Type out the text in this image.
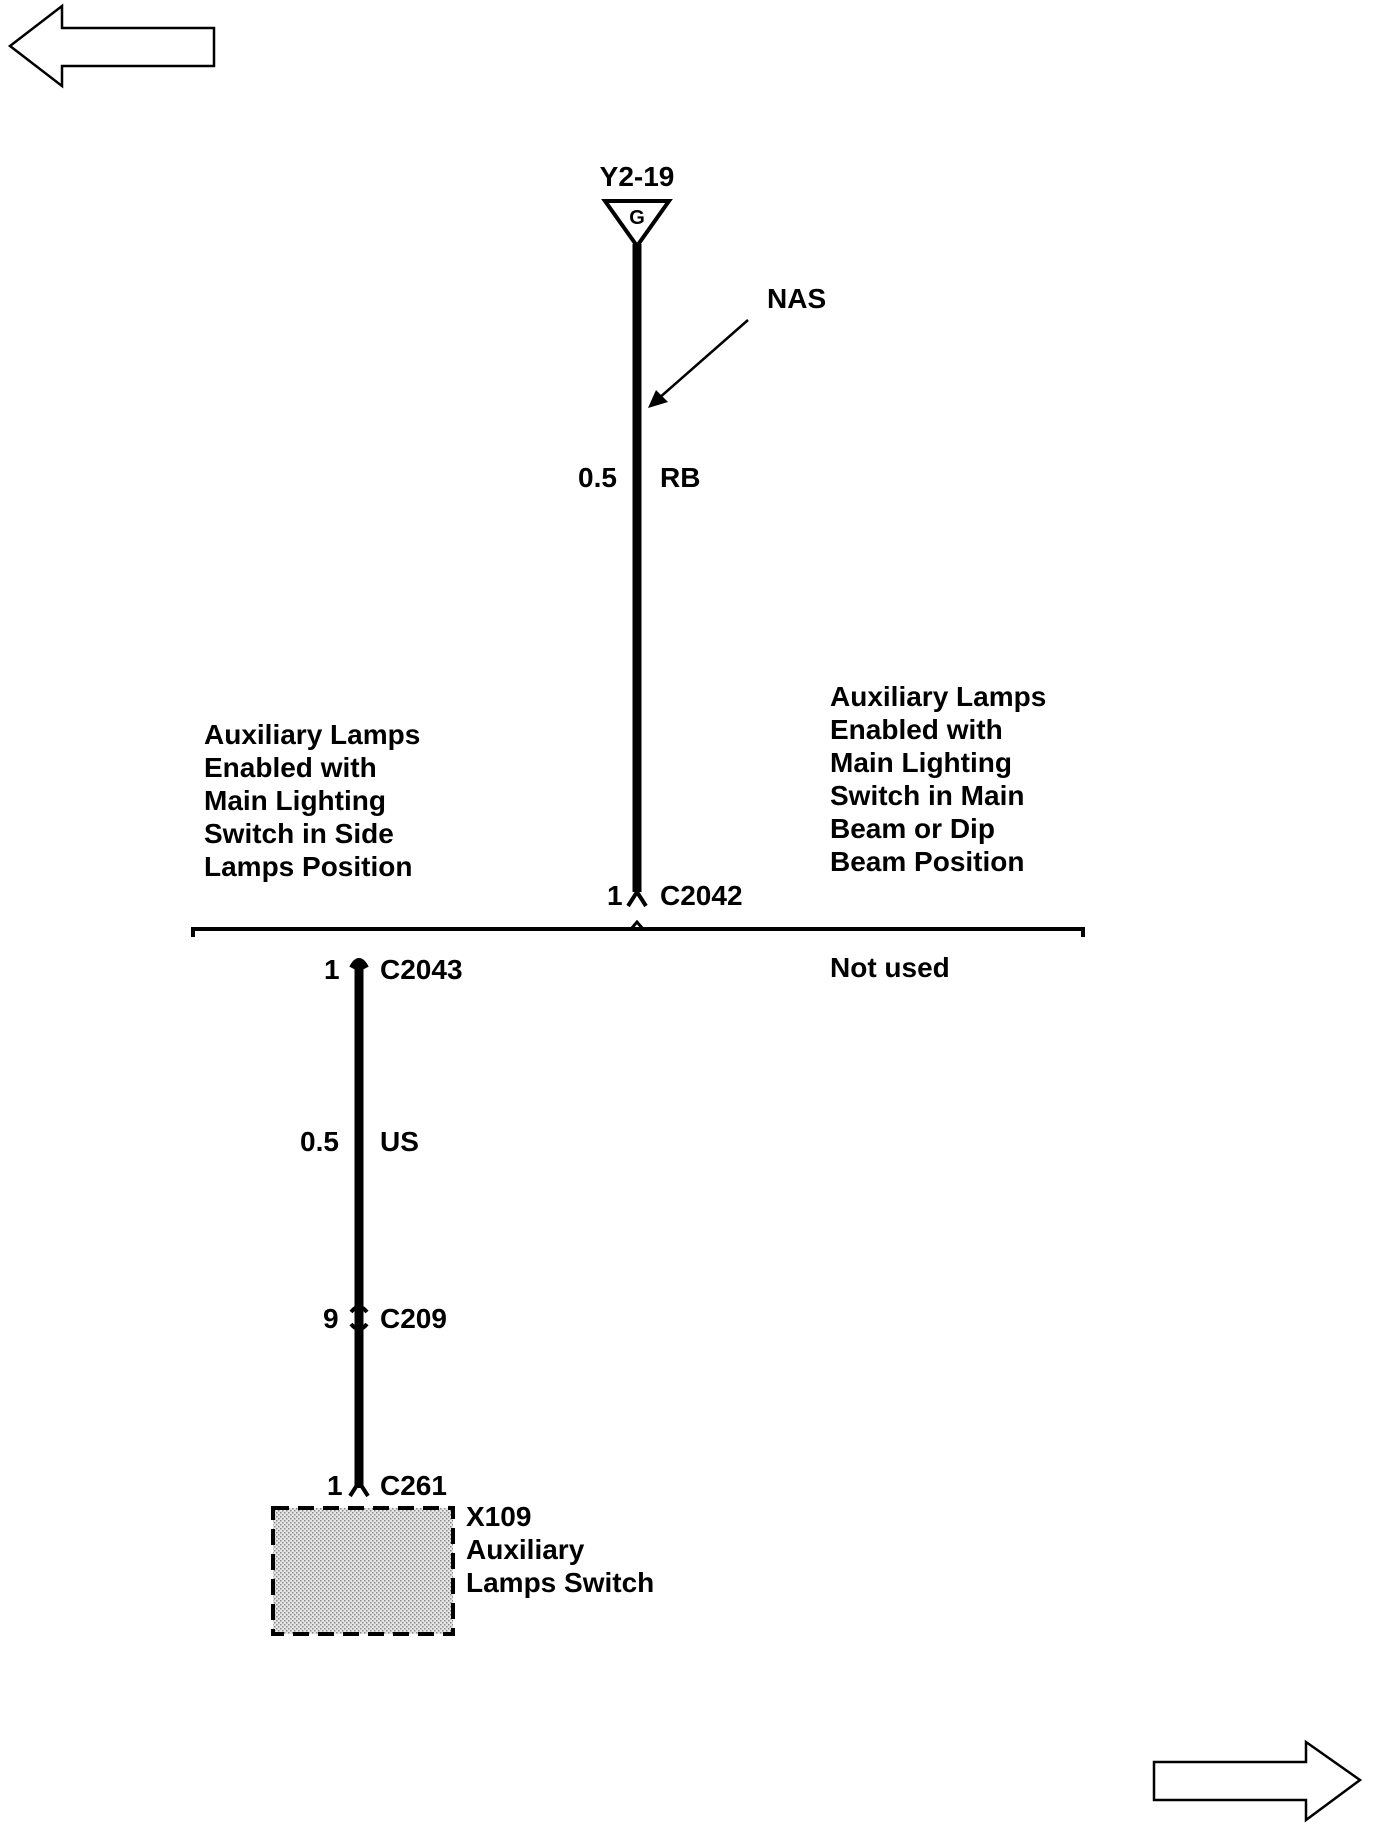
Y2-19
G
0.5 RB
NAS
1 C2042
Auxiliary Lamps Enabled with Main Lighting Switch in Side Lamps Position
Auxiliary Lamps Enabled with Main Lighting Switch in Main Beam or Dip Beam Position
1 C2043	Not used
0.5 US
9 C209
1 C261
X109 Auxiliary Lamps Switch
